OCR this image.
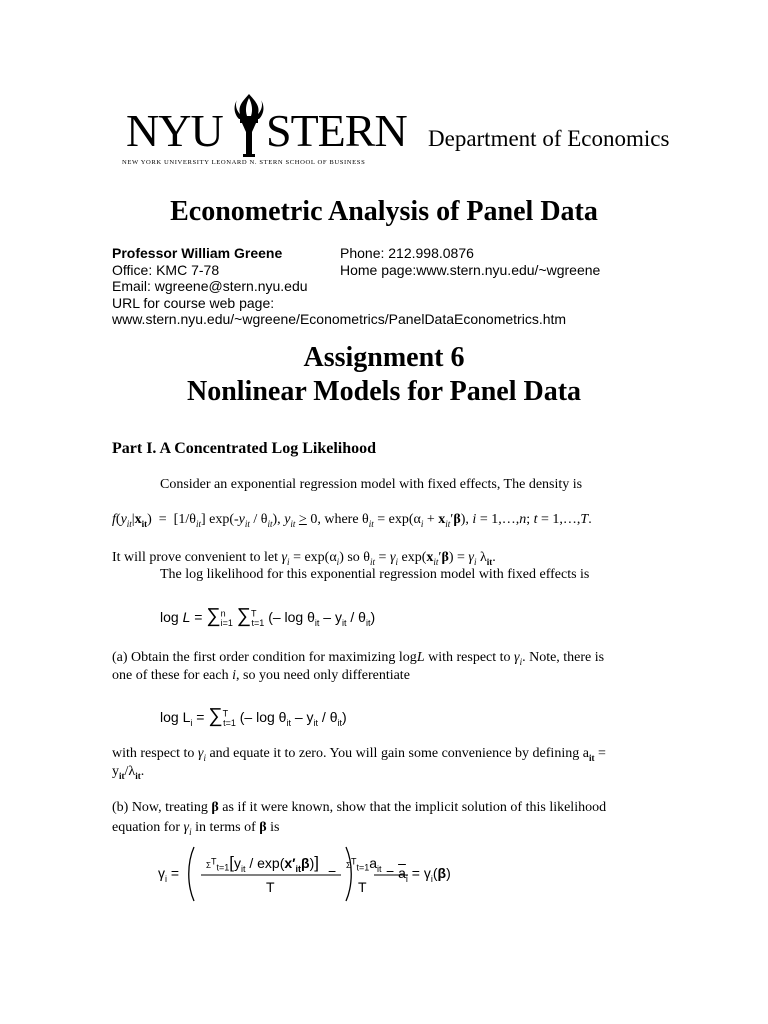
NYU STERN
NEW YORK UNIVERSITY LEONARD N. STERN SCHOOL OF BUSINESS
Department of Economics
Econometric Analysis of Panel Data
Professor William Greene	Phone: 212.998.0876
Office: KMC 7-78	Home page:www.stern.nyu.edu/~wgreene
Email: wgreene@stern.nyu.edu
URL for course web page:
www.stern.nyu.edu/~wgreene/Econometrics/PanelDataEconometrics.htm
Assignment 6
Nonlinear Models for Panel Data
Part I. A Concentrated Log Likelihood
Consider an exponential regression model with fixed effects, The density is
$f(y_{it}|x_{it}) = [1/\theta_{it}]$ $\exp(-y_{it} / \theta_{it})$, $y_{it} > 0$, where $\theta_{it} = \exp(\alpha_i + x_{it}'\beta)$, i = 1,…,n; t = 1,…,T.
It will prove convenient to let $\gamma_i = \exp(\alpha_i)$ so $\theta_{it} = \gamma_i$ $\exp(x_{it}'\beta) = \gamma_i$ $\lambda_{it}$.
The log likelihood for this exponential regression model with fixed effects is
log L = ∑$^n_{i=1}$ ∑$^T_{t=1}$ (– $\log \theta_{it} - y_{it} / \theta_{it}$)
(a) Obtain the first order condition for maximizing logL with respect to $\gamma_i$. Note, there is
one of these for each i, so you need only differentiate
$\log L_i = \sum^T_{t=1}$ (– $\log \theta_{it} - y_{it} / \theta_{it}$)
with respect to $\gamma_i$ and equate it to zero. You will gain some convenience by defining $a_{it}$ =
$y_{it}/\lambda_{it}$.
(b) Now, treating β as if it were known, show that the implicit solution of this likelihood
equation for $\gamma_i$ in terms of β is
$\gamma_i$ =	$\Sigma^T_{t=1}[y_{it} / \exp(x'_{it}\beta)]$
T
= $\Sigma^T_{t=1}a_{it}$
T
= $\overline{a}_i = \gamma_i(\beta)$
